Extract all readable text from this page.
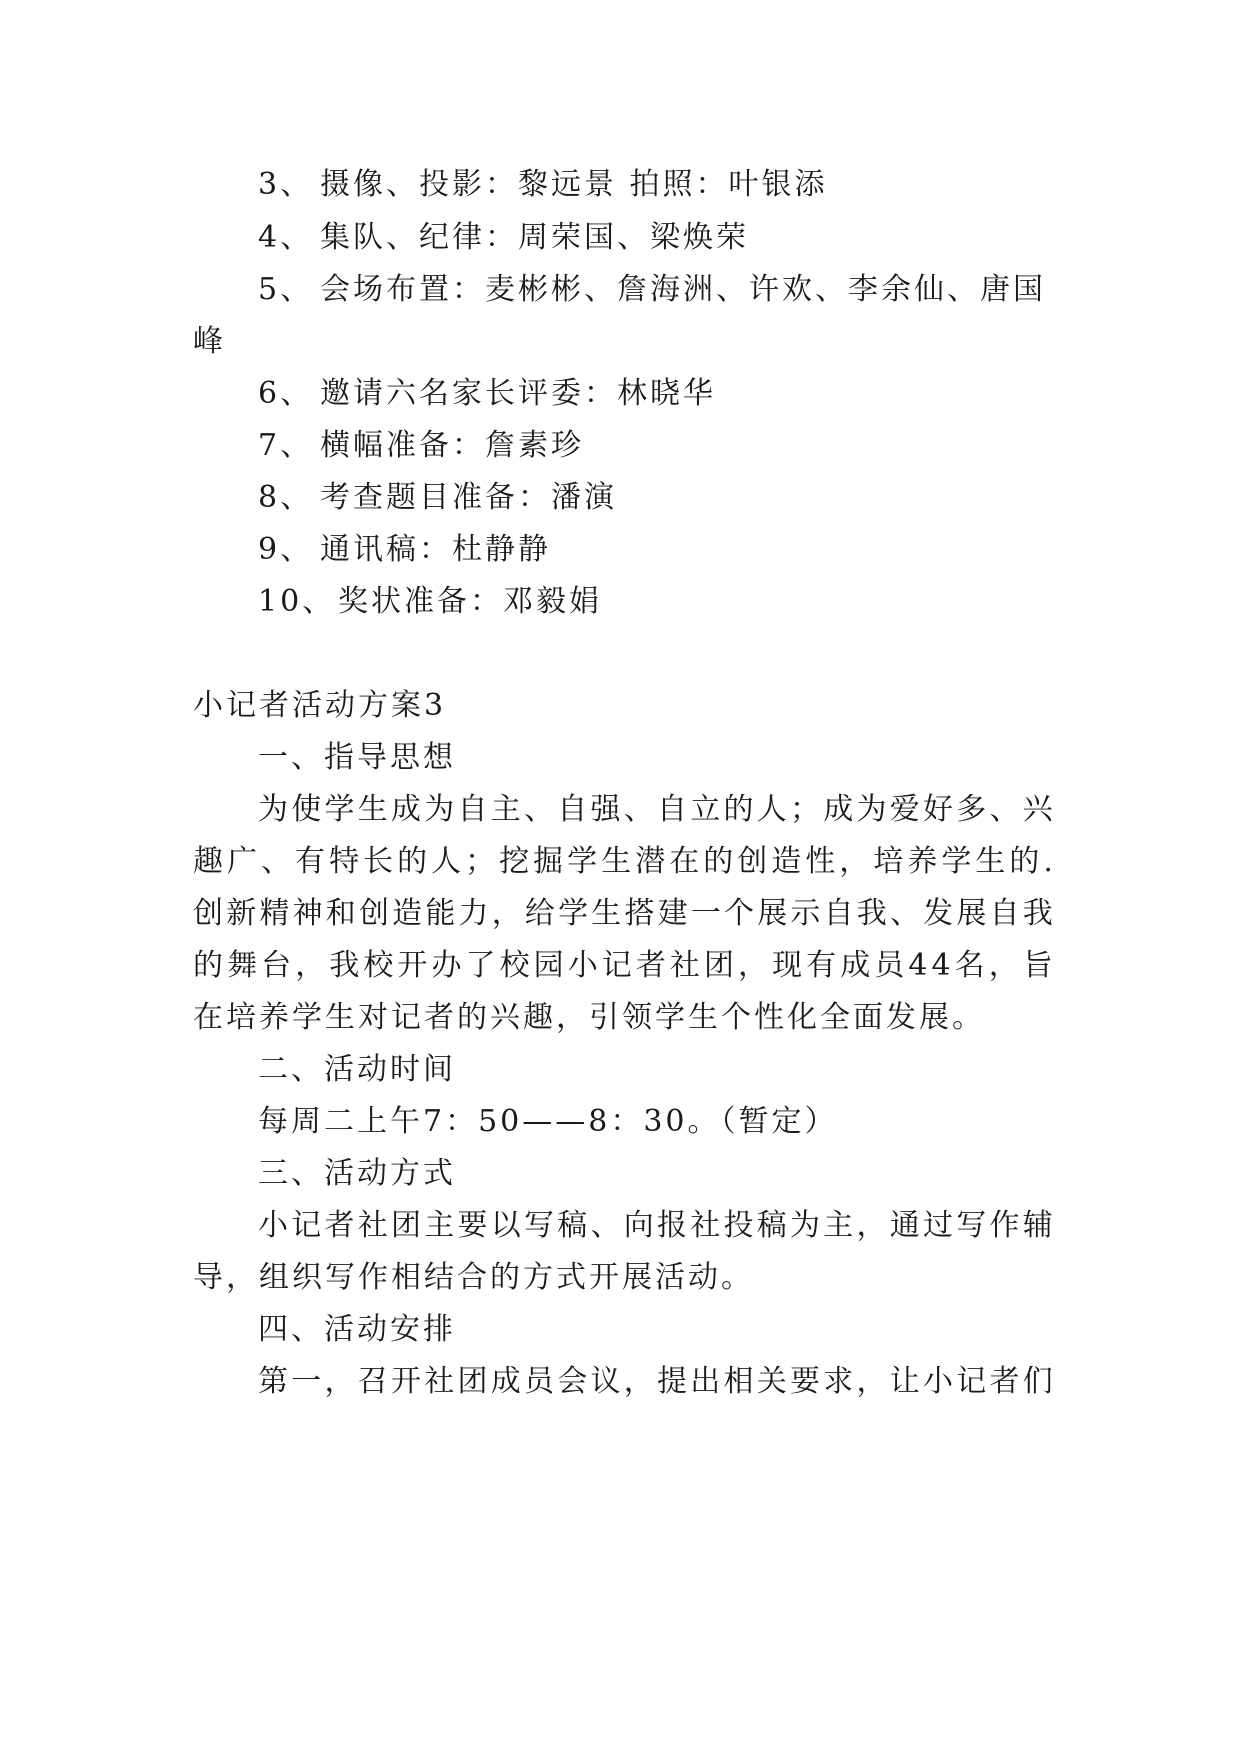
3、 摄像、投影：黎远景 拍照：叶银添
4、 集队、纪律：周荣国、梁焕荣
5、 会场布置：麦彬彬、詹海洲、许欢、李余仙、唐国
峰
6、 邀请六名家长评委：林晓华
7、 横幅准备：詹素珍
8、 考查题目准备：潘演
9、 通讯稿：杜静静
10、奖状准备：邓毅娟
小记者活动方案3
一、指导思想
为 使 学 生 成 为 自 主 、 自 强 、 自 立 的 人 ； 成 为 爱 好 多 、 兴
趣 广 、 有 特 长 的 人 ； 挖 掘 学 生 潜 在 的 创 造 性 ， 培 养 学 生 的 .
创 新 精 神 和 创 造 能 力 ， 给 学 生 搭 建 一 个 展 示 自 我 、 发 展 自 我
的 舞 台 ， 我 校 开 办 了 校 园 小 记 者 社 团 ， 现 有 成 员 4 4 名 ， 旨
在培养学生对记者的兴趣，引领学生个性化全面发展。
二、活动时间
每周二上午7：50——8：30。（暂定）
三、活动方式
小 记 者 社 团 主 要 以 写 稿 、 向 报 社 投 稿 为 主 ， 通 过 写 作 辅
导，组织写作相结合的方式开展活动。
四、活动安排
第 一 ， 召 开 社 团 成 员 会 议 ， 提 出 相 关 要 求 ， 让 小 记 者 们
